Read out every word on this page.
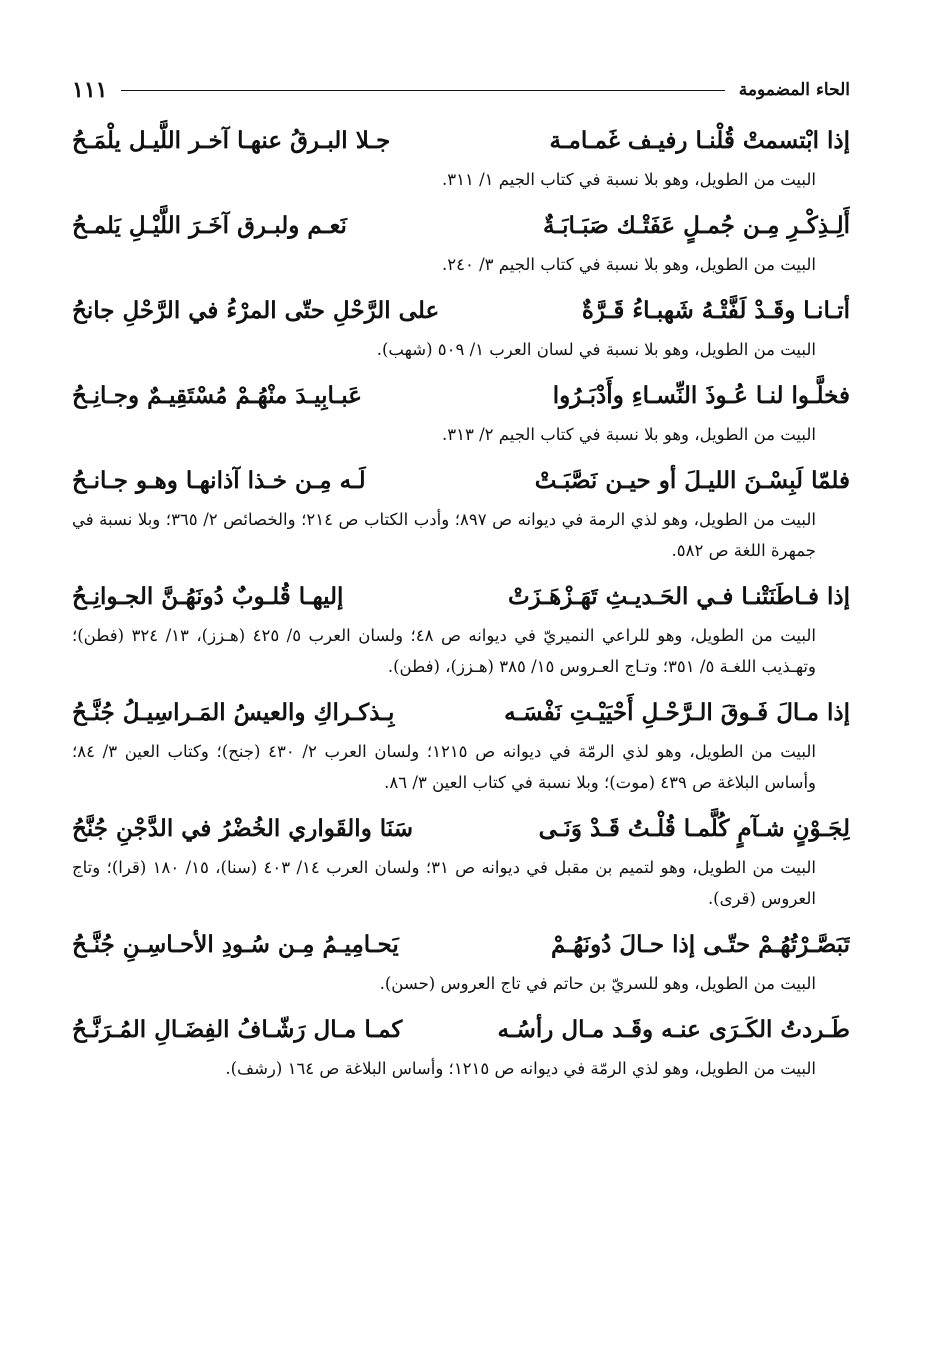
الحاء المضمومة
١١١
إذا ابْتسمتْ قُلْنـا رفيـف غَمـامـة
جـلا البـرقُ عنهـا آخـر اللَّيـل يلْمَـحُ
البيت من الطويل، وهو بلا نسبة في كتاب الجيم ١/ ٣١١.
أَلِـذِكْـرِ مِـن جُمـلٍ عَفَتْـك صَبَـابَـةٌ
نَعـم ولبـرق آخَـرَ اللَّيْـلِ يَلمـحُ
البيت من الطويل، وهو بلا نسبة في كتاب الجيم ٣/ ٢٤٠.
أتـانـا وقَـدْ لَفَّتْـهُ شَهبـاءُ قَـرَّةٌ
على الرَّحْلِ حتّى المرْءُ في الرَّحْلِ جانحُ
البيت من الطويل، وهو بلا نسبة في لسان العرب ١/ ٥٠٩ (شهب).
فخلَّـوا لنـا عُـوذَ النِّسـاءِ وأَدْبَـرُوا
عَبـابِيـدَ منْهُـمْ مُسْتَقِيـمٌ وجـانِـحُ
البيت من الطويل، وهو بلا نسبة في كتاب الجيم ٢/ ٣١٣.
فلمّا لَبِسْـنَ الليـلَ أو حيـن نَصَّبَـتْ
لَـه مِـن خـذا آذانهـا وهـو جـانـحُ
البيت من الطويل، وهو لذي الرمة في ديوانه ص ٨٩٧؛ وأدب الكتاب ص ٢١٤؛ والخصائص ٢/ ٣٦٥؛ وبلا نسبة في جمهرة اللغة ص ٥٨٢.
إذا فـاطَنَتْنـا فـي الحَـديـثِ تَهَـزْهَـزَتْ
إليهـا قُلـوبٌ دُونَهُـنَّ الجـوانِـحُ
البيت من الطويل، وهو للراعي النميريّ في ديوانه ص ٤٨؛ ولسان العرب ٥/ ٤٢٥ (هـزز)، ١٣/ ٣٢٤ (فطن)؛ وتهـذيب اللغـة ٥/ ٣٥١؛ وتـاج العـروس ١٥/ ٣٨٥ (هـزز)، (فطن).
إذا مـالَ فَـوقَ الـرَّحْـلِ أَحْيَيْـتِ نَفْسَـه
بِـذكـراكِ والعيسُ المَـراسِيـلُ جُنَّـحُ
البيت من الطويل، وهو لذي الرمّة في ديوانه ص ١٢١٥؛ ولسان العرب ٢/ ٤٣٠ (جنح)؛ وكتاب العين ٣/ ٨٤؛ وأساس البلاغة ص ٤٣٩ (موت)؛ وبلا نسبة في كتاب العين ٣/ ٨٦.
لِجَـوْنٍ شـآمٍ كُلَّمـا قُلْـتُ قَـدْ وَنَـى
سَنَا والقَواري الخُضْرُ في الدَّجْنِ جُنَّحُ
البيت من الطويل، وهو لتميم بن مقبل في ديوانه ص ٣١؛ ولسان العرب ١٤/ ٤٠٣ (سنا)، ١٥/ ١٨٠ (قرا)؛ وتاج العروس (قرى).
تَبَصَّـرْتُهُـمْ حتّـى إذا حـالَ دُونَهُـمْ
يَحـامِيـمُ مِـن سُـودِ الأحـاسِـنِ جُنَّـحُ
البيت من الطويل، وهو للسريّ بن حاتم في تاج العروس (حسن).
طَـردتُ الكَـرَى عنـه وقَـد مـال رأسُـه
كمـا مـال رَشّـافُ الفِضَـالِ المُـرَنَّـحُ
البيت من الطويل، وهو لذي الرمّة في ديوانه ص ١٢١٥؛ وأساس البلاغة ص ١٦٤ (رشف).
